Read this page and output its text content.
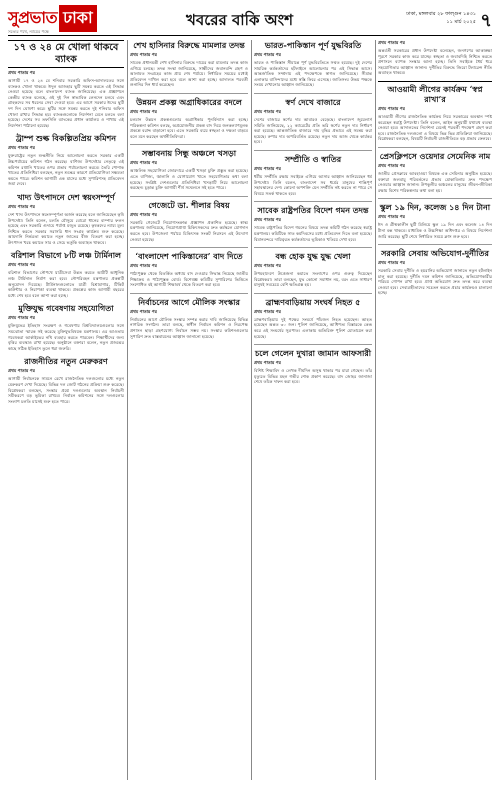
সুপ্রভাত ঢাকা
সত্যের পথে, ন্যায়ের পক্ষে
খবরের বাকি অংশ	ঢাকা, মঙ্গলবার ২৮ ফাল্গুন ১৪৩১
১১ মার্চ ২০২৫ ৭
১৭ ও ২৪ মে খোলা থাকবে ব্যাংক
প্রথম পাতার পর
আগামী ১৭ ও ২৪ মে শনিবার সরকারি অফিস-আদালতের সঙ্গে ব্যাংকও খোলা থাকবে। ঈদুল আজহার ছুটি সমন্বয় করতে এই সিদ্ধান্ত নেওয়া হয়েছে বলে বাংলাদেশ ব্যাংক জানিয়েছে। এক প্রজ্ঞাপনে কেন্দ্রীয় ব্যাংক বলেছে, ওই দুই দিন স্বাভাবিক লেনদেন চলবে এবং গ্রাহকদের সব ধরনের সেবা দেওয়া হবে। এর আগে সরকার ঈদের ছুটি দশ দিন ঘোষণা করে। ছুটির সঙ্গে সমন্বয় করতে দুই শনিবার অফিস খোলা রাখার সিদ্ধান্ত হয়। ব্যাংকগুলোকে নির্দেশনা মেনে চলতে বলা হয়েছে। দেশের সব তফসিলি ব্যাংকের প্রধান কার্যালয় ও শাখায় এই নির্দেশনা পাঠানো হয়েছে।
ট্রাম্প শুল্ক বিকল্পিতপ্রিয় কমিশন
প্রথম পাতার পর
যুক্তরাষ্ট্রের নতুন শুল্কনীতি নিয়ে আলোচনা করতে সরকার একটি উচ্চপর্যায়ের কমিশন গঠন করেছে। বাণিজ্য উপদেষ্টার নেতৃত্বে এই কমিশন রপ্তানি খাতের ওপর প্রভাব পর্যালোচনা করবে। তৈরি পোশাক খাতের প্রতিনিধিরা বলছেন, নতুন শুল্কের কারণে প্রতিযোগিতা সক্ষমতা কমতে পারে। কমিশন আগামী এক মাসের মধ্যে সুপারিশসহ প্রতিবেদন জমা দেবে।
খাদ্য উৎপাদনে দেশ স্বয়ংসম্পূর্ণ
প্রথম পাতার পর
দেশ খাদ্য উৎপাদনে স্বয়ংসম্পূর্ণতা অর্জন করেছে বলে জানিয়েছেন কৃষি উপদেষ্টা। তিনি বলেন, চলতি মৌসুমে বোরো ধানের বাম্পার ফলন হয়েছে এবং সরকারি গুদামে পর্যাপ্ত মজুত রয়েছে। কৃষকদের ন্যায্য মূল্য নিশ্চিত করতে সরকার সরাসরি ধান সংগ্রহ কার্যক্রম শুরু করেছে। আমদানি নির্ভরতা কমাতে নতুন জাতের বীজ বিতরণ করা হচ্ছে। উৎপাদন খরচ কমাতে সার ও সেচে ভর্তুকি অব্যাহত থাকবে।
বরিশাল বিভাগে ৮টি লঞ্চ টার্মিনাল
প্রথম পাতার পর
বরিশাল বিভাগের নৌপথে যাত্রীসেবা উন্নত করতে আটটি আধুনিক লঞ্চ টার্মিনাল নির্মাণ করা হবে। নৌপরিবহন মন্ত্রণালয় প্রকল্পটি অনুমোদন দিয়েছে। টার্মিনালগুলোতে যাত্রী বিশ্রামাগার, টিকিট কাউন্টার ও নিরাপত্তা ব্যবস্থা থাকবে। প্রকল্পের কাজ আগামী বছরের মধ্যে শেষ হবে বলে আশা করা হচ্ছে।
মুক্তিযুদ্ধ গবেষণায় সহযোগিতা
প্রথম পাতার পর
মুক্তিযুদ্ধের ইতিহাস সংরক্ষণ ও গবেষণায় বিশ্ববিদ্যালয়গুলোর সঙ্গে সমঝোতা স্মারক সই করেছে মুক্তিযুদ্ধবিষয়ক মন্ত্রণালয়। এর আওতায় গবেষকরা আর্কাইভের নথি ব্যবহার করতে পারবেন। শিক্ষার্থীদের জন্য বৃত্তির ব্যবস্থাও রাখা হয়েছে। অনুষ্ঠানে বক্তারা বলেন, নতুন প্রজন্মের কাছে সঠিক ইতিহাস তুলে ধরা জরুরি।
রাজনীতির নতুন মেরুকরণ
প্রথম পাতার পর
আগামী নির্বাচনকে সামনে রেখে রাজনৈতিক দলগুলোর মধ্যে নতুন মেরুকরণ দেখা দিয়েছে। বিভিন্ন দল জোট গঠনের প্রক্রিয়া শুরু করেছে। বিশ্লেষকরা বলছেন, সংস্কার প্রশ্নে দলগুলোর অবস্থান নির্বাচনী সমীকরণে বড় ভূমিকা রাখবে। নির্বাচন কমিশনের সঙ্গে দলগুলোর সংলাপ চলতি মাসেই শুরু হতে পারে।
শেখ হাসিনার বিরুদ্ধে মামলার তদন্ত
প্রথম পাতার পর
সাবেক প্রধানমন্ত্রী শেখ হাসিনার বিরুদ্ধে দায়ের করা মামলার তদন্ত কাজ এগিয়ে চলছে। তদন্ত সংস্থা জানিয়েছে, সাক্ষীদের জবানবন্দি গ্রহণ ও আলামত সংগ্রহের কাজ প্রায় শেষ পর্যায়ে। নির্ধারিত সময়ের মধ্যেই প্রতিবেদন দাখিল করা হবে বলে আশা করা হচ্ছে। আদালত পরবর্তী শুনানির দিন ধার্য করেছেন।
উন্নয়ন প্রকল্প অগ্রাধিকারের বদলে
প্রথম পাতার পর
চলমান উন্নয়ন প্রকল্পগুলোর অগ্রাধিকার পুনর্বিন্যাস করা হচ্ছে। পরিকল্পনা কমিশন বলছে, অপ্রয়োজনীয় প্রকল্প বাদ দিয়ে জনকল্যাণমূলক প্রকল্পে বরাদ্দ বাড়ানো হবে। এতে সরকারি ব্যয়ে স্বচ্ছতা ও দক্ষতা বাড়বে বলে মনে করছেন অর্থনীতিবিদরা।
সম্ভাবনায় সিন্ধু অঞ্চলে খসড়া
প্রথম পাতার পর
আঞ্চলিক সহযোগিতা জোরদারে একটি খসড়া চুক্তি প্রস্তুত করা হয়েছে। এতে বাণিজ্য, জ্বালানি ও যোগাযোগ খাতে সহযোগিতার কথা বলা হয়েছে। সংশ্লিষ্ট দেশগুলোর প্রতিনিধিরা খসড়াটি নিয়ে আলোচনা করছেন। চূড়ান্ত চুক্তি আগামী শীর্ষ সম্মেলনে সই হতে পারে।
গেজেটে ডা. শীলার বিষয়
প্রথম পাতার পর
সরকারি গেজেটে নিয়োগসংক্রান্ত প্রজ্ঞাপন প্রকাশিত হয়েছে। স্বাস্থ্য মন্ত্রণালয় জানিয়েছে, নিয়োগপ্রাপ্ত চিকিৎসকদের দ্রুত কর্মস্থলে যোগদান করতে হবে। উপজেলা পর্যায়ে চিকিৎসক সংকট নিরসনে এই উদ্যোগ নেওয়া হয়েছে।
‘বাংলাদেশ পাকিস্তানের’ বাদ দিতে
প্রথম পাতার পর
পাঠ্যপুস্তক থেকে বিতর্কিত অধ্যায় বাদ দেওয়ার সিদ্ধান্ত নিয়েছে জাতীয় শিক্ষাক্রম ও পাঠ্যপুস্তক বোর্ড। বিশেষজ্ঞ কমিটির সুপারিশের ভিত্তিতে সংশোধিত বই আগামী শিক্ষাবর্ষ থেকে বিতরণ করা হবে।
নির্বাচনের আগে মৌলিক সংস্কার
প্রথম পাতার পর
নির্বাচনের আগে মৌলিক সংস্কার সম্পন্ন করার দাবি জানিয়েছে বিভিন্ন নাগরিক সংগঠন। তারা বলছে, স্বাধীন নির্বাচন কমিশন ও নিরপেক্ষ প্রশাসন ছাড়া গ্রহণযোগ্য নির্বাচন সম্ভব নয়। সংস্কার কমিশনগুলোর সুপারিশ দ্রুত বাস্তবায়নের আহ্বান জানানো হয়েছে।
ভারত-পাকিস্তান পূর্ণ যুদ্ধবিরতি
প্রথম পাতার পর
ভারত ও পাকিস্তান সীমান্তে পূর্ণ যুদ্ধবিরতিতে সম্মত হয়েছে। দুই দেশের সামরিক কর্মকর্তাদের হটলাইনে আলোচনার পর এই সিদ্ধান্ত আসে। আন্তর্জাতিক সম্প্রদায় এই পদক্ষেপকে স্বাগত জানিয়েছে। সীমান্ত এলাকার বাসিন্দাদের মধ্যে স্বস্তি ফিরে এসেছে। জাতিসংঘ উভয় পক্ষকে সংযম দেখানোর আহ্বান জানিয়েছে।
স্বর্ণ দেখে বাজারে
প্রথম পাতার পর
দেশের বাজারে স্বর্ণের দাম আবারও বেড়েছে। বাংলাদেশ জুয়েলার্স সমিতি জানিয়েছে, ২২ ক্যারেটের প্রতি ভরি স্বর্ণের নতুন দাম নির্ধারণ করা হয়েছে। আন্তর্জাতিক বাজারে দাম বৃদ্ধির প্রভাবে এই সমন্বয় করা হয়েছে। রুপার দাম অপরিবর্তিত রয়েছে। নতুন দাম আজ থেকে কার্যকর হবে।
সম্প্রীতি ও স্বাতির
প্রথম পাতার পর
ধর্মীয় সম্প্রীতি রক্ষায় সবাইকে এগিয়ে আসার আহ্বান জানিয়েছেন ধর্ম উপদেষ্টা। তিনি বলেন, বাংলাদেশ সব ধর্মের মানুষের শান্তিপূর্ণ সহাবস্থানের দেশ। কোনো অপশক্তি যেন সম্প্রীতি নষ্ট করতে না পারে সে বিষয়ে সতর্ক থাকতে হবে।
সাবেক রাষ্ট্রপতির বিদেশ গমন তদন্ত
প্রথম পাতার পর
সাবেক রাষ্ট্রপতির বিদেশ গমনের বিষয়ে তদন্ত কমিটি গঠন করেছে স্বরাষ্ট্র মন্ত্রণালয়। কমিটিকে সাত কর্মদিবসের মধ্যে প্রতিবেদন দিতে বলা হয়েছে। বিমানবন্দরে দায়িত্বরত কর্মকর্তাদের ভূমিকাও খতিয়ে দেখা হবে।
বন্ধ হোক যুদ্ধ যুদ্ধ খেলা
প্রথম পাতার পর
উপমহাদেশে উত্তেজনা কমাতে সংলাপের ওপর গুরুত্ব দিয়েছেন বিশ্লেষকরা। তারা বলছেন, যুদ্ধ কোনো সমাধান নয়, বরং এতে সাধারণ মানুষই সবচেয়ে বেশি ক্ষতিগ্রস্ত হয়।
ব্রাহ্মণবাড়িয়ায় সংঘর্ষ নিহত ৫
প্রথম পাতার পর
ব্রাহ্মণবাড়িয়ায় দুই পক্ষের সংঘর্ষে পাঁচজন নিহত হয়েছেন। আহত হয়েছেন অন্তত ৩০ জন। পুলিশ জানিয়েছে, আধিপত্য বিস্তারকে কেন্দ্র করে এই সংঘর্ষের সূত্রপাত। এলাকায় অতিরিক্ত পুলিশ মোতায়েন করা হয়েছে।
চলে গেলেন দুখারা জামান আফসারী
প্রথম পাতার পর
বিশিষ্ট শিক্ষাবিদ ও লেখক দীর্ঘদিন অসুস্থ থাকার পর মারা গেছেন। তাঁর মৃত্যুতে বিভিন্ন মহল গভীর শোক প্রকাশ করেছে। বাদ জোহর জানাজা শেষে তাঁকে দাফন করা হবে।
প্রথম পাতার পর
অন্তর্বর্তী সরকারের প্রধান উপদেষ্টা বলেছেন, জনগণের আকাঙ্ক্ষা পূরণে সরকার কাজ করে যাচ্ছে। স্বচ্ছতা ও জবাবদিহি নিশ্চিত করতে প্রশাসনে ব্যাপক সংস্কার আনা হচ্ছে। তিনি সবাইকে ধৈর্য ধরে সহযোগিতার আহ্বান জানান। দুর্নীতির বিরুদ্ধে জিরো টলারেন্স নীতি অব্যাহত থাকবে।
আওয়ামী লীগের কার্যক্রম ‘স্বপ্ন রাখা’র
প্রথম পাতার পর
আওয়ামী লীগের রাজনৈতিক কার্যক্রম নিয়ে সরকারের অবস্থান স্পষ্ট করেছেন স্বরাষ্ট্র উপদেষ্টা। তিনি বলেন, আইন অনুযায়ী যথাযথ ব্যবস্থা নেওয়া হবে। আদালতের নির্দেশনা মেনেই পরবর্তী পদক্ষেপ গ্রহণ করা হবে। রাজনৈতিক দলগুলো এ বিষয়ে ভিন্ন ভিন্ন প্রতিক্রিয়া জানিয়েছে। বিশ্লেষকরা বলছেন, বিষয়টি নির্বাচনী রাজনীতিতে বড় প্রভাব ফেলবে।
প্রেসক্লিপসে ওয়েদার সেমেনিক নাম
প্রথম পাতার পর
জাতীয় প্রেসক্লাবে আবহাওয়া বিষয়ক এক সেমিনার অনুষ্ঠিত হয়েছে। বক্তারা জলবায়ু পরিবর্তনের প্রভাব মোকাবিলায় দ্রুত পদক্ষেপ নেওয়ার আহ্বান জানান। উপকূলীয় অঞ্চলের মানুষের জীবন-জীবিকা রক্ষায় বিশেষ পরিকল্পনার কথা বলা হয়।
স্কুল ১৯ দিন, কলেজ ১৪ দিন টানা
প্রথম পাতার পর
ঈদ ও গ্রীষ্মকালীন ছুটি মিলিয়ে স্কুল ১৯ দিন এবং কলেজ ১৪ দিন টানা বন্ধ থাকবে। মাধ্যমিক ও উচ্চশিক্ষা অধিদপ্তর এ বিষয়ে নির্দেশনা জারি করেছে। ছুটি শেষে নির্ধারিত সময়ে ক্লাস শুরু হবে।
সরকারি সেবায় অভিযোগ-দুর্নীতির
প্রথম পাতার পর
সরকারি সেবায় দুর্নীতি ও হয়রানির অভিযোগ জানাতে নতুন হটলাইন চালু করা হয়েছে। দুর্নীতি দমন কমিশন জানিয়েছে, অভিযোগকারীর পরিচয় গোপন রাখা হবে। প্রাপ্ত অভিযোগ দ্রুত তদন্ত করে ব্যবস্থা নেওয়া হবে। সেবাগ্রহীতাদের সচেতন করতে প্রচার কার্যক্রমও চালানো হচ্ছে।
